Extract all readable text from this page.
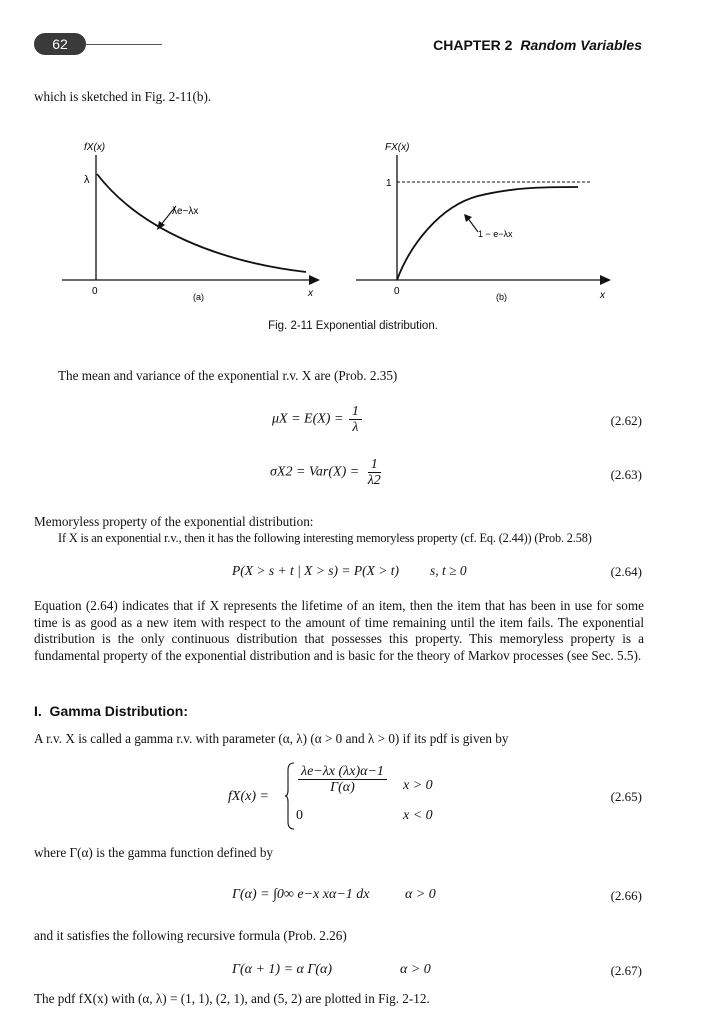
62	CHAPTER 2 Random Variables
which is sketched in Fig. 2-11(b).
fX(x)
λ
0	x
λe−λx
(a)
FX(x)
1
0	x
1 − e−λx
(b)
Fig. 2-11 Exponential distribution.
The mean and variance of the exponential r.v. X are (Prob. 2.35)
$\mu X = E(X) = \frac{1}{\lambda}$	(2.62)
$\sigma X2 = Var(X) = \frac{1}{\lambda 2}$	(2.63)
Memoryless property of the exponential distribution:
If X is an exponential r.v., then it has the following interesting memoryless property (cf. Eq. (2.44)) (Prob. 2.58)
P(X > s + t | X > s) = P(X > t) s, t ≥ 0	(2.64)
Equation (2.64) indicates that if X represents the lifetime of an item, then the item that has been in use for some time is as good as a new item with respect to the amount of time remaining until the item fails. The exponential distribution is the only continuous distribution that possesses this property. This memoryless property is a fundamental property of the exponential distribution and is basic for the theory of Markov processes (see Sec. 5.5).
I.  Gamma Distribution:
A r.v. X is called a gamma r.v. with parameter (α, λ) (α > 0 and λ > 0) if its pdf is given by
fX(x) =
$\frac{\lambda e-\lambda x (\lambda x)\alpha-1}{\Gamma(\alpha)}$ x > 0
0	x < 0
(2.65)
where Γ(α) is the gamma function defined by
Γ(α) = ∫0∞ e−x xα−1 dx	α > 0	(2.66)
and it satisfies the following recursive formula (Prob. 2.26)
Γ(α + 1) = α Γ(α)	α > 0	(2.67)
The pdf fX(x) with (α, λ) = (1, 1), (2, 1), and (5, 2) are plotted in Fig. 2-12.
